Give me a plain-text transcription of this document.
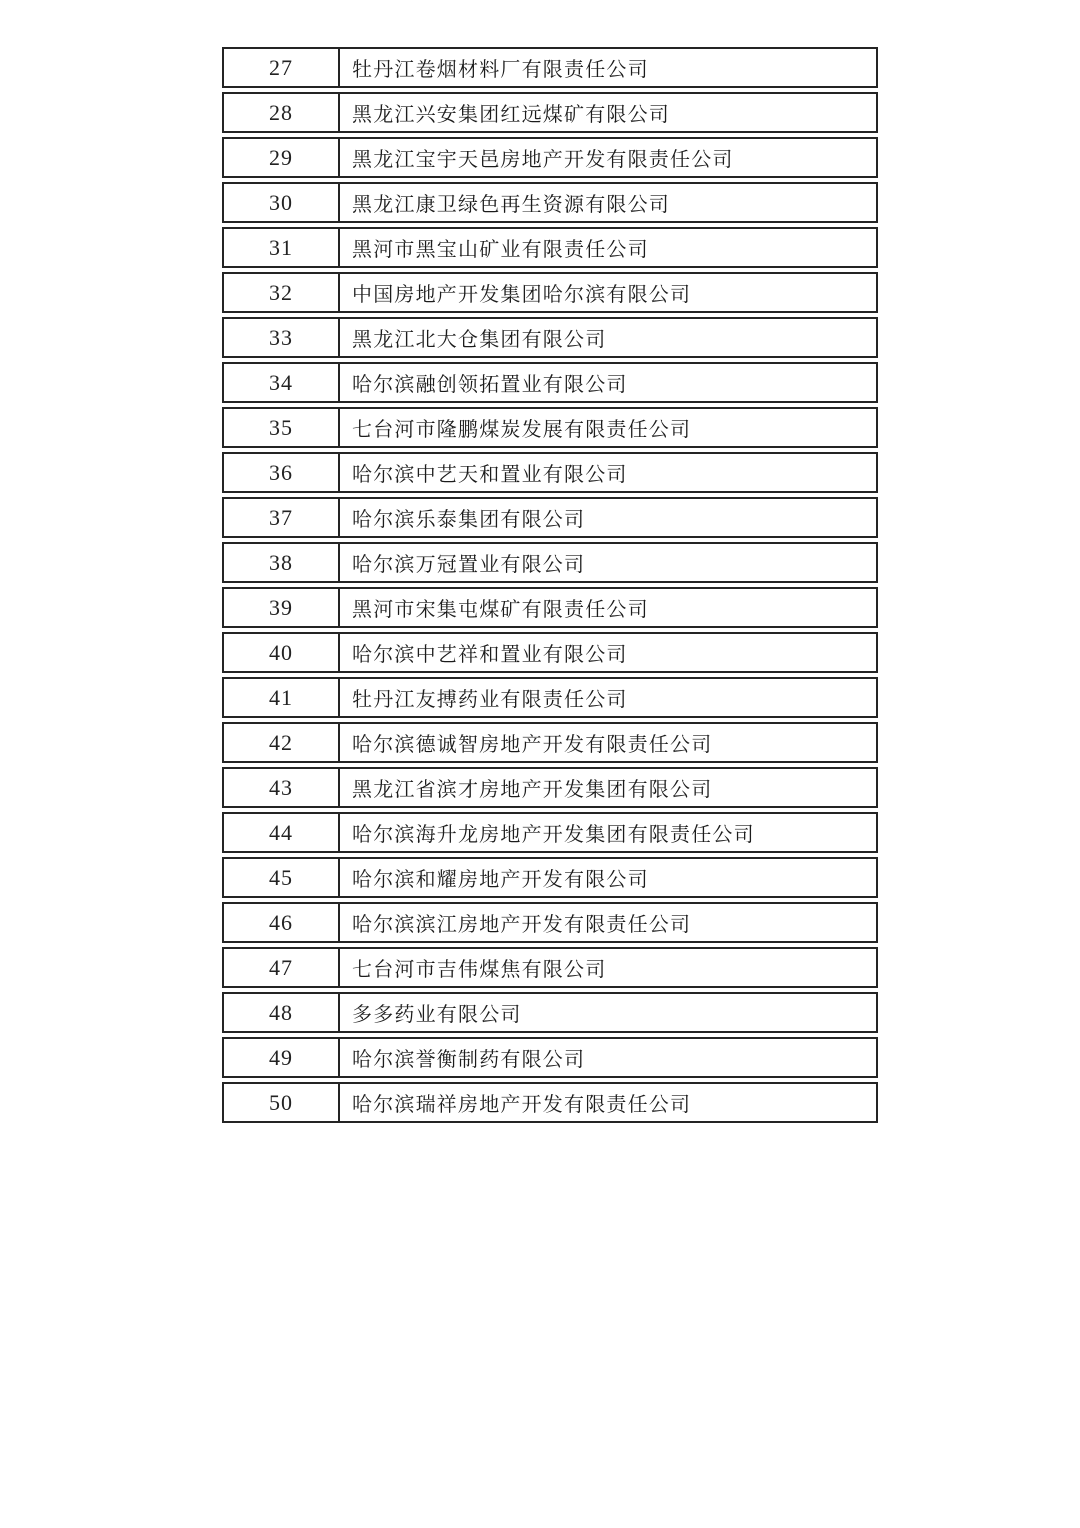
27	牡丹江卷烟材料厂有限责任公司
28	黑龙江兴安集团红远煤矿有限公司
29	黑龙江宝宇天邑房地产开发有限责任公司
30	黑龙江康卫绿色再生资源有限公司
31	黑河市黑宝山矿业有限责任公司
32	中国房地产开发集团哈尔滨有限公司
33	黑龙江北大仓集团有限公司
34	哈尔滨融创领拓置业有限公司
35	七台河市隆鹏煤炭发展有限责任公司
36	哈尔滨中艺天和置业有限公司
37	哈尔滨乐泰集团有限公司
38	哈尔滨万冠置业有限公司
39	黑河市宋集屯煤矿有限责任公司
40	哈尔滨中艺祥和置业有限公司
41	牡丹江友搏药业有限责任公司
42	哈尔滨德诚智房地产开发有限责任公司
43	黑龙江省滨才房地产开发集团有限公司
44	哈尔滨海升龙房地产开发集团有限责任公司
45	哈尔滨和耀房地产开发有限公司
46	哈尔滨滨江房地产开发有限责任公司
47	七台河市吉伟煤焦有限公司
48	多多药业有限公司
49	哈尔滨誉衡制药有限公司
50	哈尔滨瑞祥房地产开发有限责任公司
